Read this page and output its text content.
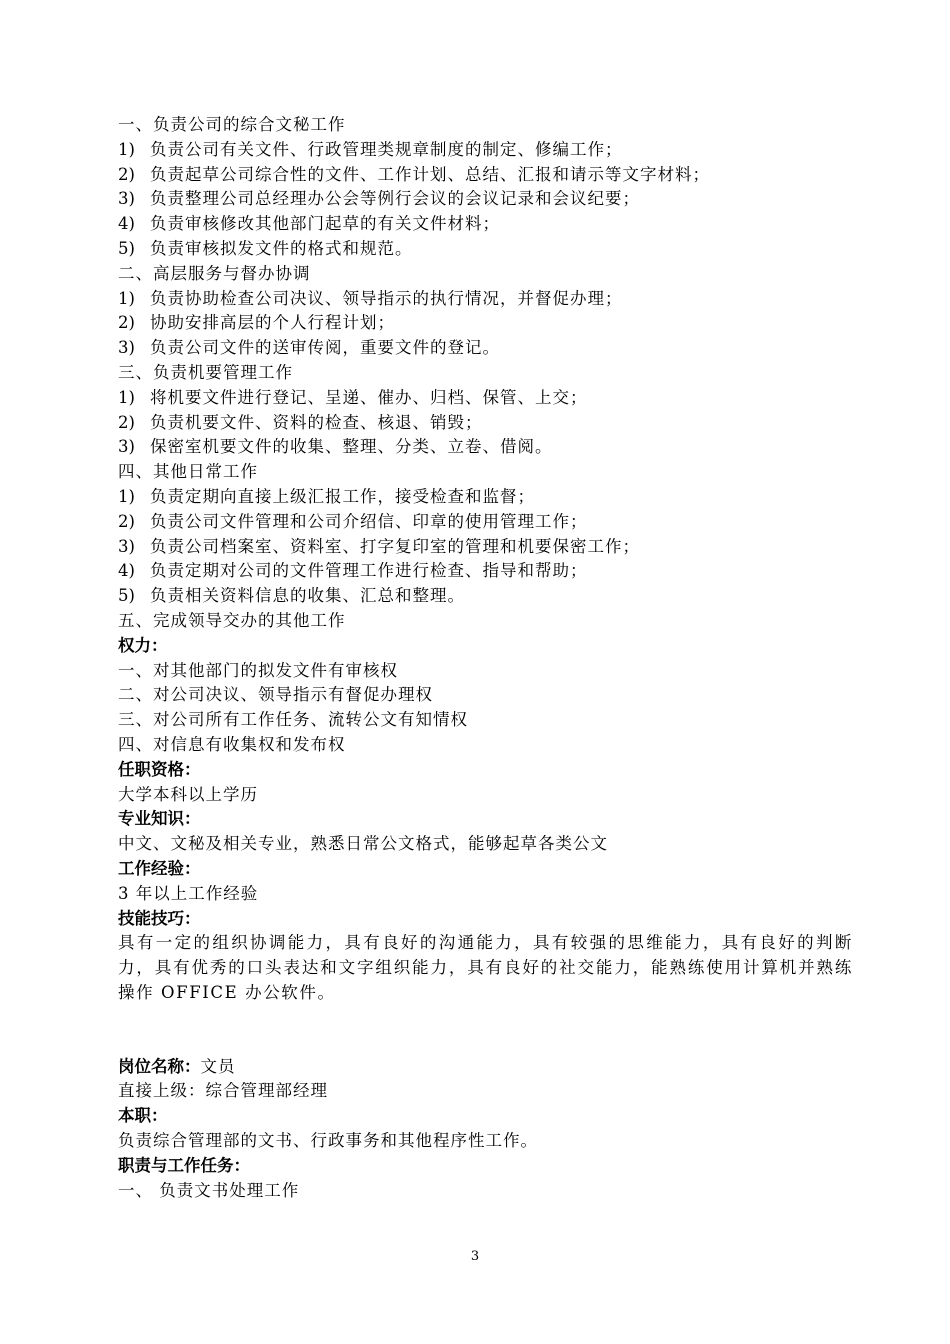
一、负责公司的综合文秘工作
1) 负责公司有关文件、行政管理类规章制度的制定、修编工作；
2) 负责起草公司综合性的文件、工作计划、总结、汇报和请示等文字材料；
3) 负责整理公司总经理办公会等例行会议的会议记录和会议纪要；
4) 负责审核修改其他部门起草的有关文件材料；
5) 负责审核拟发文件的格式和规范。
二、高层服务与督办协调
1) 负责协助检查公司决议、领导指示的执行情况，并督促办理；
2) 协助安排高层的个人行程计划；
3) 负责公司文件的送审传阅，重要文件的登记。
三、负责机要管理工作
1) 将机要文件进行登记、呈递、催办、归档、保管、上交；
2) 负责机要文件、资料的检查、核退、销毁；
3) 保密室机要文件的收集、整理、分类、立卷、借阅。
四、其他日常工作
1) 负责定期向直接上级汇报工作，接受检查和监督；
2) 负责公司文件管理和公司介绍信、印章的使用管理工作；
3) 负责公司档案室、资料室、打字复印室的管理和机要保密工作；
4) 负责定期对公司的文件管理工作进行检查、指导和帮助；
5) 负责相关资料信息的收集、汇总和整理。
五、完成领导交办的其他工作
权力：
一、对其他部门的拟发文件有审核权
二、对公司决议、领导指示有督促办理权
三、对公司所有工作任务、流转公文有知情权
四、对信息有收集权和发布权
任职资格：
大学本科以上学历
专业知识：
中文、文秘及相关专业，熟悉日常公文格式，能够起草各类公文
工作经验：
3 年以上工作经验
技能技巧：
具有一定的组织协调能力，具有良好的沟通能力，具有较强的思维能力，具有良好的判断力，具有优秀的口头表达和文字组织能力，具有良好的社交能力，能熟练使用计算机并熟练操作 OFFICE 办公软件。
岗位名称：文员
直接上级：综合管理部经理
本职：
负责综合管理部的文书、行政事务和其他程序性工作。
职责与工作任务：
一、 负责文书处理工作
3
